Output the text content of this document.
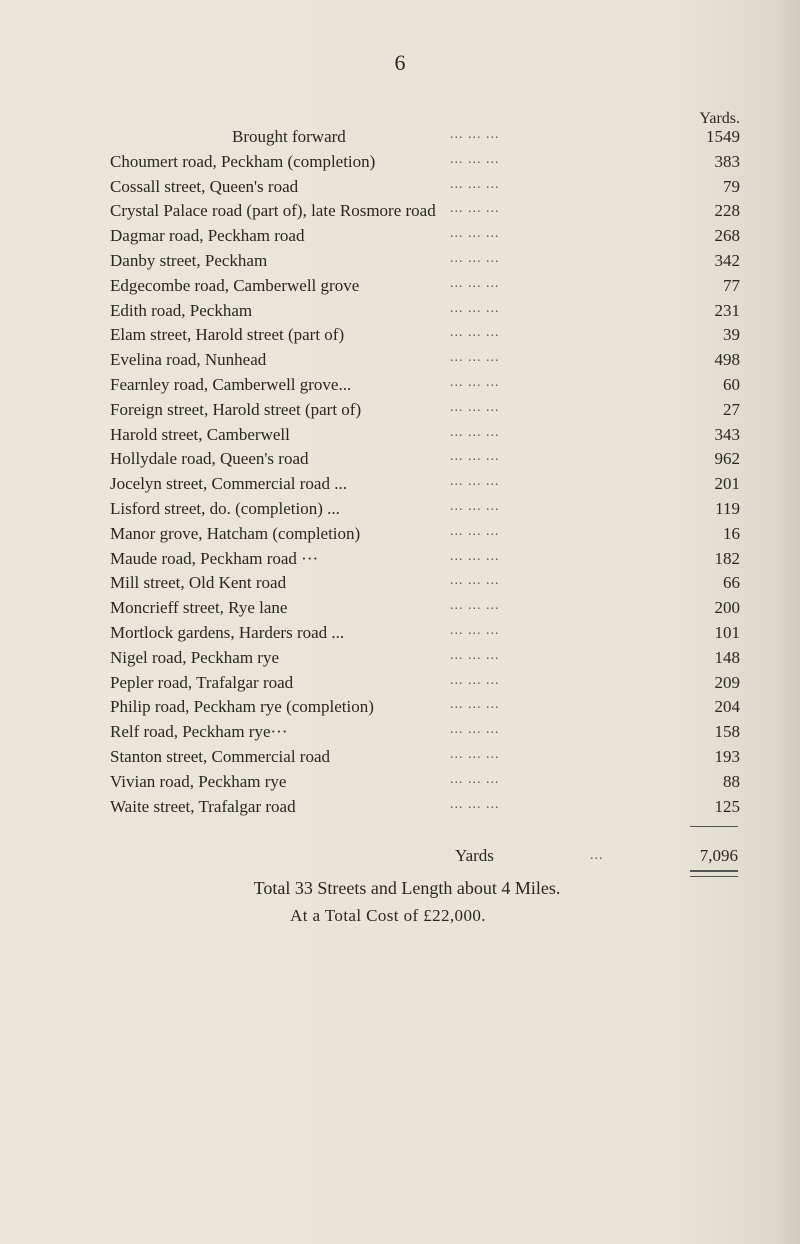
6
Yards.
Brought forward	... ... ...	1549
Choumert road, Peckham (completion)	... ... ...	383
Cossall street, Queen's road	... ... ...	79
Crystal Palace road (part of), late Rosmore road ... ... ...	228
Dagmar road, Peckham road	... ... ...	268
Danby street, Peckham	... ... ...	342
Edgecombe road, Camberwell grove	... ... ...	77
Edith road, Peckham	... ... ...	231
Elam street, Harold street (part of)	... ... ...	39
Evelina road, Nunhead	... ... ...	498
Fearnley road, Camberwell grove...	... ... ...	60
Foreign street, Harold street (part of)	... ... ...	27
Harold street, Camberwell	... ... ...	343
Hollydale road, Queen's road	... ... ...	962
Jocelyn street, Commercial road ...	... ... ...	201
Lisford street, do. (completion) ...	... ... ...	119
Manor grove, Hatcham (completion)	... ... ...	16
Maude road, Peckham road ···	... ... ...	182
Mill street, Old Kent road	... ... ...	66
Moncrieff street, Rye lane	... ... ...	200
Mortlock gardens, Harders road ...	... ... ...	101
Nigel road, Peckham rye	... ... ...	148
Pepler road, Trafalgar road	... ... ...	209
Philip road, Peckham rye (completion)	... ... ...	204
Relf road, Peckham rye···	... ... ...	158
Stanton street, Commercial road	... ... ...	193
Vivian road, Peckham rye	... ... ...	88
Waite street, Trafalgar road	... ... ...	125
Yards	...	7,096
Total 33 Streets and Length about 4 Miles.
At a Total Cost of £22,000.
